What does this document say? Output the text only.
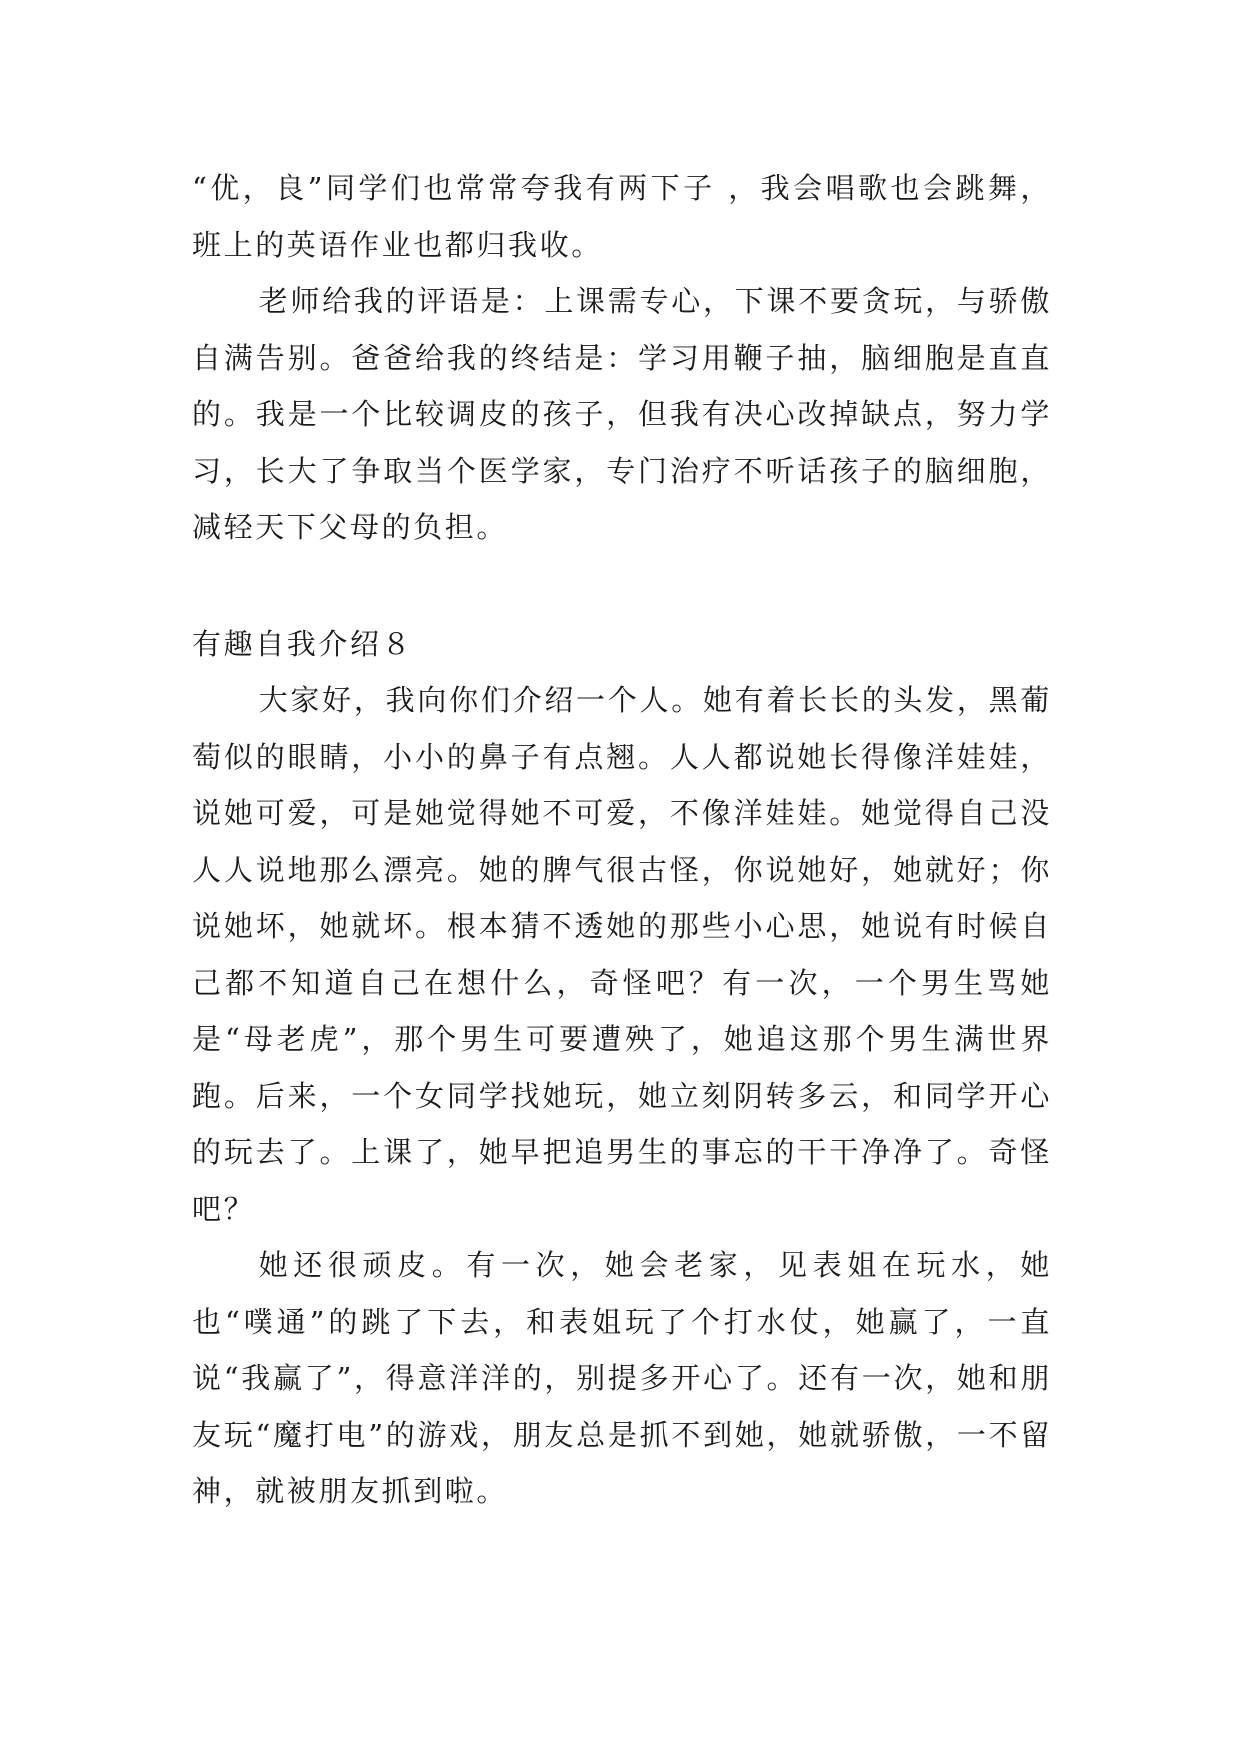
“优，良”同学们也常常夸我有两下子 ，我会唱歌也会跳舞，班上的英语作业也都归我收。

老师给我的评语是：上课需专心，下课不要贪玩，与骄傲自满告别。爸爸给我的终结是：学习用鞭子抽，脑细胞是直直的。我是一个比较调皮的孩子，但我有决心改掉缺点，努力学习，长大了争取当个医学家，专门治疗不听话孩子的脑细胞，减轻天下父母的负担。

有趣自我介绍８

大家好，我向你们介绍一个人。她有着长长的头发，黑葡萄似的眼睛，小小的鼻子有点翘。人人都说她长得像洋娃娃，说她可爱，可是她觉得她不可爱，不像洋娃娃。她觉得自己没人人说地那么漂亮。她的脾气很古怪，你说她好，她就好；你说她坏，她就坏。根本猜不透她的那些小心思，她说有时候自己都不知道自己在想什么，奇怪吧？有一次，一个男生骂她是“母老虎”，那个男生可要遭殃了，她追这那个男生满世界跑。后来，一个女同学找她玩，她立刻阴转多云，和同学开心的玩去了。上课了，她早把追男生的事忘的干干净净了。奇怪吧？

她还很顽皮。有一次，她会老家，见表姐在玩水，她也“噗通”的跳了下去，和表姐玩了个打水仗，她赢了，一直说“我赢了”，得意洋洋的，别提多开心了。还有一次，她和朋友玩“魔打电”的游戏，朋友总是抓不到她，她就骄傲，一不留神，就被朋友抓到啦。
